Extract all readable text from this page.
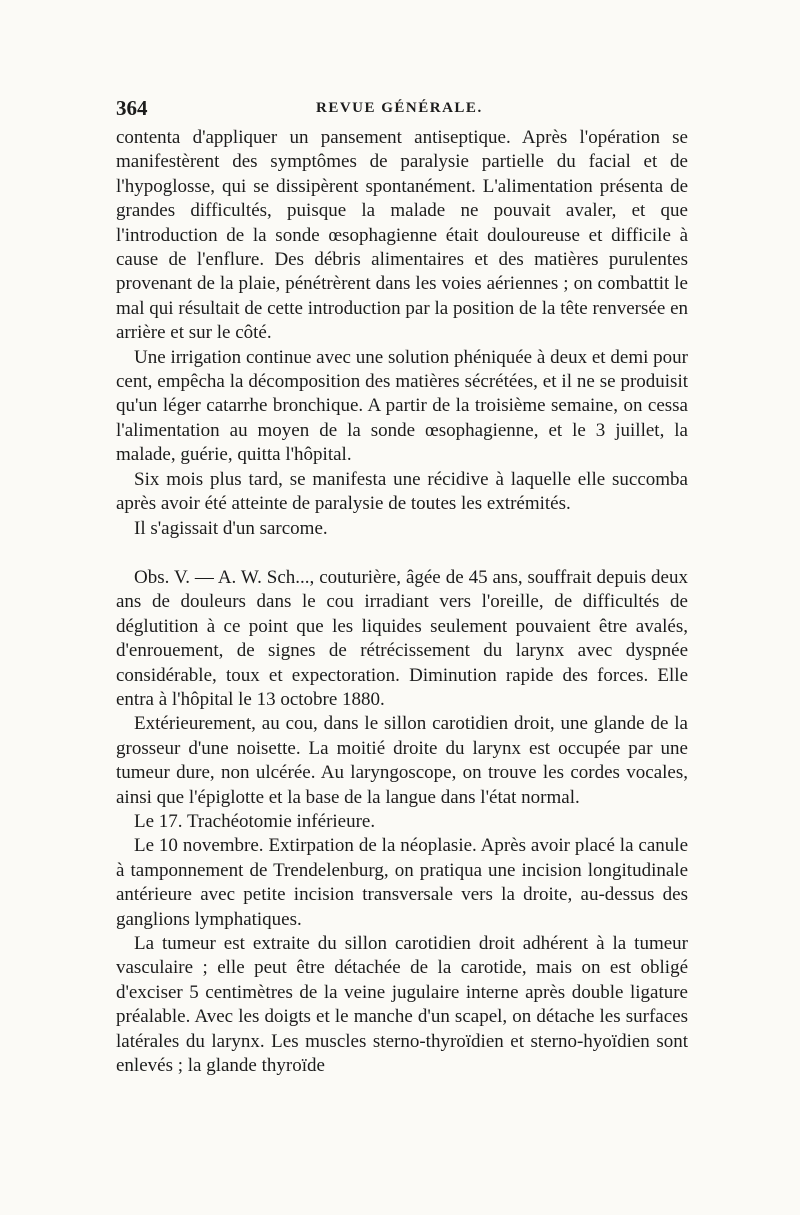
364	REVUE GÉNÉRALE.

contenta d'appliquer un pansement antiseptique. Après l'opération se manifestèrent des symptômes de paralysie partielle du facial et de l'hypoglosse, qui se dissipèrent spontanément. L'alimentation présenta de grandes difficultés, puisque la malade ne pouvait avaler, et que l'introduction de la sonde œsophagienne était douloureuse et difficile à cause de l'enflure. Des débris alimentaires et des matières purulentes provenant de la plaie, pénétrèrent dans les voies aériennes ; on combattit le mal qui résultait de cette introduction par la position de la tête renversée en arrière et sur le côté.

Une irrigation continue avec une solution phéniquée à deux et demi pour cent, empêcha la décomposition des matières sécrétées, et il ne se produisit qu'un léger catarrhe bronchique. A partir de la troisième semaine, on cessa l'alimentation au moyen de la sonde œsophagienne, et le 3 juillet, la malade, guérie, quitta l'hôpital.

Six mois plus tard, se manifesta une récidive à laquelle elle succomba après avoir été atteinte de paralysie de toutes les extrémités.

Il s'agissait d'un sarcome.

Obs. V. — A. W. Sch..., couturière, âgée de 45 ans, souffrait depuis deux ans de douleurs dans le cou irradiant vers l'oreille, de difficultés de déglutition à ce point que les liquides seulement pouvaient être avalés, d'enrouement, de signes de rétrécissement du larynx avec dyspnée considérable, toux et expectoration. Diminution rapide des forces. Elle entra à l'hôpital le 13 octobre 1880.

Extérieurement, au cou, dans le sillon carotidien droit, une glande de la grosseur d'une noisette. La moitié droite du larynx est occupée par une tumeur dure, non ulcérée. Au laryngoscope, on trouve les cordes vocales, ainsi que l'épiglotte et la base de la langue dans l'état normal.

Le 17. Trachéotomie inférieure.

Le 10 novembre. Extirpation de la néoplasie. Après avoir placé la canule à tamponnement de Trendelenburg, on pratiqua une incision longitudinale antérieure avec petite incision transversale vers la droite, au-dessus des ganglions lymphatiques.

La tumeur est extraite du sillon carotidien droit adhérent à la tumeur vasculaire ; elle peut être détachée de la carotide, mais on est obligé d'exciser 5 centimètres de la veine jugulaire interne après double ligature préalable. Avec les doigts et le manche d'un scapel, on détache les surfaces latérales du larynx. Les muscles sterno-thyroïdien et sterno-hyoïdien sont enlevés ; la glande thyroïde
